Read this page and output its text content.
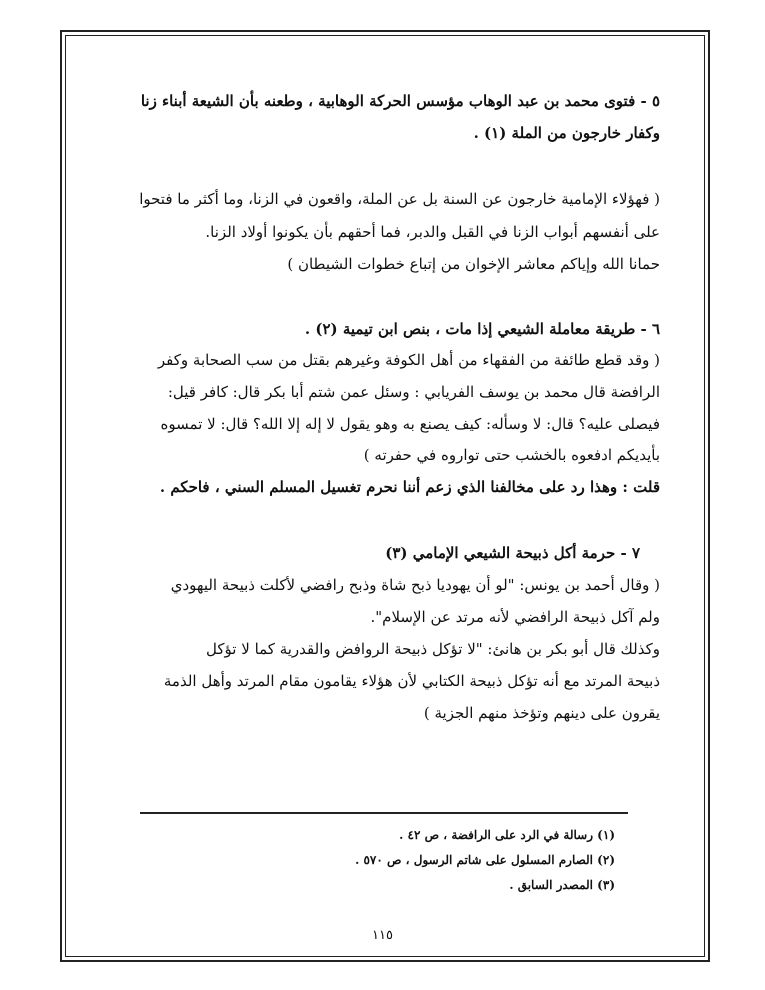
٥ - فتوى محمد بن عبد الوهاب مؤسس الحركة الوهابية ، وطعنه بأن الشيعة أبناء زنا
وكفار خارجون من الملة (١) .
( فهؤلاء الإمامية خارجون عن السنة بل عن الملة، واقعون في الزنا، وما أكثر ما فتحوا
على أنفسهم أبواب الزنا في القبل والدبر، فما أحقهم بأن يكونوا أولاد الزنا.
حمانا الله وإياكم معاشر الإخوان من إتباع خطوات الشيطان )
٦ - طريقة معاملة الشيعي إذا مات ، بنص ابن تيمية (٢) .
( وقد قطع طائفة من الفقهاء من أهل الكوفة وغيرهم بقتل من سب الصحابة وكفر
الرافضة قال محمد بن يوسف الفريابي : وسئل عمن شتم أبا بكر قال: كافر قيل:
فيصلى عليه؟ قال: لا وسأله: كيف يصنع به وهو يقول لا إله إلا الله؟ قال: لا تمسوه
بأيديكم ادفعوه بالخشب حتى تواروه في حفرته )
قلت : وهذا رد على مخالفنا الذي زعم أننا نحرم تغسيل المسلم السني ، فاحكم .
٧ - حرمة أكل ذبيحة الشيعي الإمامي (٣)
( وقال أحمد بن يونس: "لو أن يهوديا ذبح شاة وذبح رافضي لأكلت ذبيحة اليهودي
ولم آكل ذبيحة الرافضي لأنه مرتد عن الإسلام".
وكذلك قال أبو بكر بن هانئ: "لا تؤكل ذبيحة الروافض والقدرية كما لا تؤكل
ذبيحة المرتد مع أنه تؤكل ذبيحة الكتابي لأن هؤلاء يقامون مقام المرتد وأهل الذمة
يقرون على دينهم وتؤخذ منهم الجزية )
(١) رسالة في الرد على الرافضة ، ص ٤٢ .
(٢) الصارم المسلول على شاتم الرسول ، ص ٥٧٠ .
(٣) المصدر السابق .
١١٥
